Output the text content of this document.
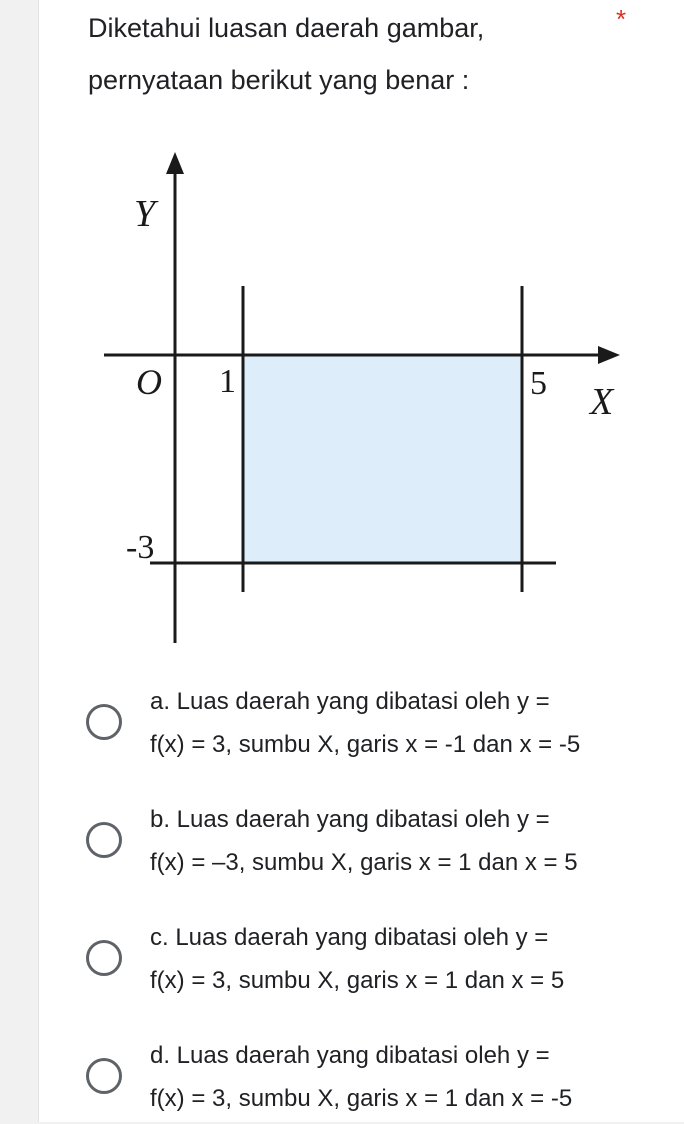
Diketahui luasan daerah gambar,
pernyataan berikut yang benar :
*
Y
X
O 1	5
-3
a. Luas daerah yang dibatasi oleh y =
f(x) = 3, sumbu X, garis x = -1 dan x = -5
b. Luas daerah yang dibatasi oleh y =
f(x) = –3, sumbu X, garis x = 1 dan x = 5
c. Luas daerah yang dibatasi oleh y =
f(x) = 3, sumbu X, garis x = 1 dan x = 5
d. Luas daerah yang dibatasi oleh y =
f(x) = 3, sumbu X, garis x = 1 dan x = -5
